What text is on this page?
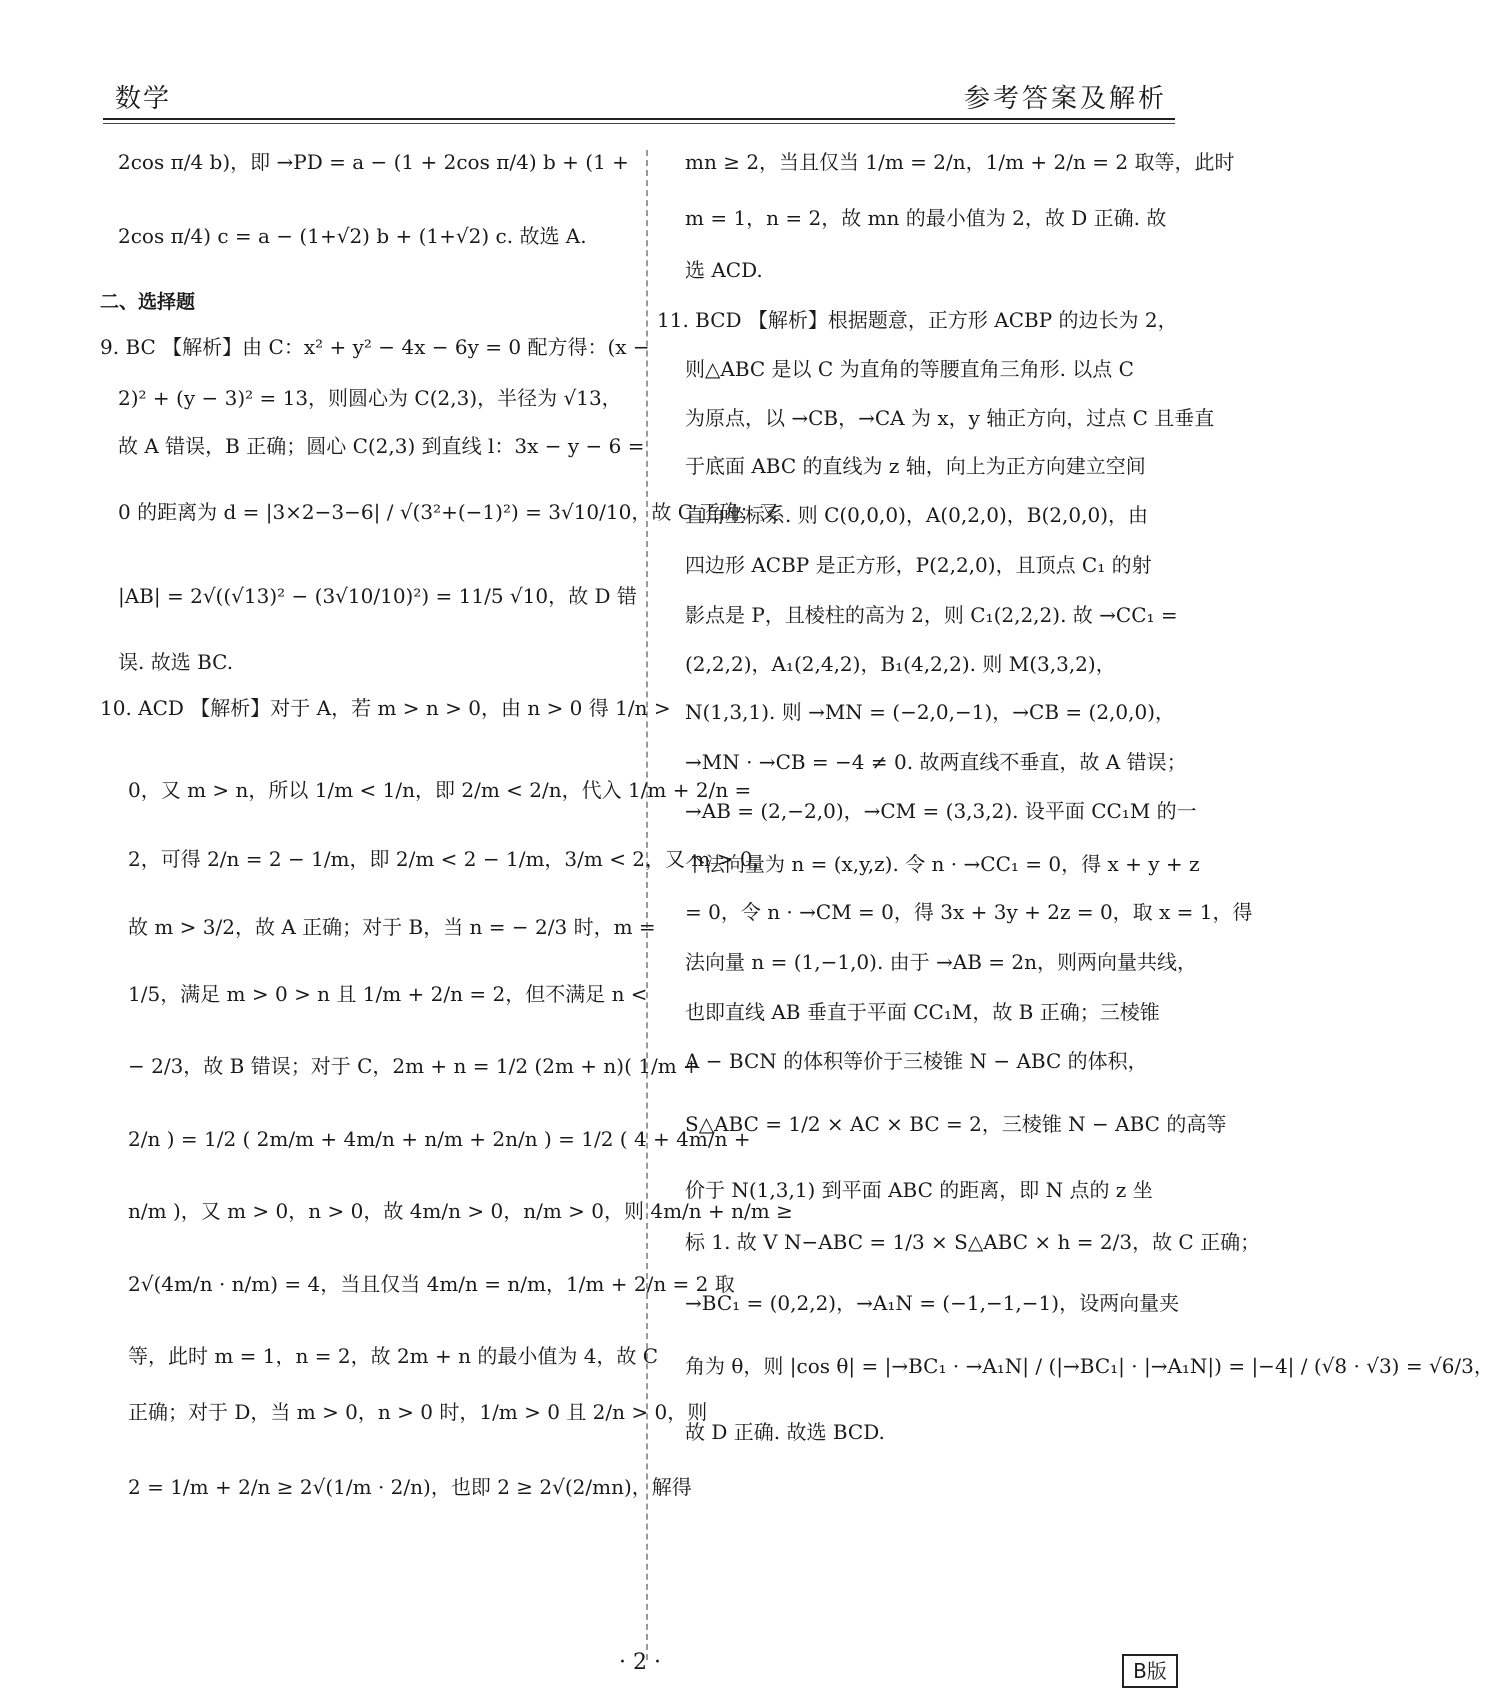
数学	参考答案及解析
2cos π/4 b)，即 →PD = a − (1 + 2cos π/4) b + (1 +
2cos π/4) c = a − (1+√2) b + (1+√2) c. 故选 A.
二、选择题
9. BC 【解析】由 C：x² + y² − 4x − 6y = 0 配方得：(x −
2)² + (y − 3)² = 13，则圆心为 C(2,3)，半径为 √13，
故 A 错误，B 正确；圆心 C(2,3) 到直线 l：3x − y − 6 =
0 的距离为 d = |3×2−3−6| / √(3²+(−1)²) = 3√10/10，故 C 正确；又
|AB| = 2√((√13)² − (3√10/10)²) = 11/5 √10，故 D 错
误. 故选 BC.
10. ACD 【解析】对于 A，若 m > n > 0，由 n > 0 得 1/n >
0，又 m > n，所以 1/m < 1/n，即 2/m < 2/n，代入 1/m + 2/n =
2，可得 2/n = 2 − 1/m，即 2/m < 2 − 1/m，3/m < 2，又 m > 0，
故 m > 3/2，故 A 正确；对于 B，当 n = − 2/3 时，m =
1/5，满足 m > 0 > n 且 1/m + 2/n = 2，但不满足 n <
− 2/3，故 B 错误；对于 C，2m + n = 1/2 (2m + n)( 1/m +
2/n ) = 1/2 ( 2m/m + 4m/n + n/m + 2n/n ) = 1/2 ( 4 + 4m/n +
n/m )，又 m > 0，n > 0，故 4m/n > 0，n/m > 0，则 4m/n + n/m ≥
2√(4m/n · n/m) = 4，当且仅当 4m/n = n/m，1/m + 2/n = 2 取
等，此时 m = 1，n = 2，故 2m + n 的最小值为 4，故 C
正确；对于 D，当 m > 0，n > 0 时，1/m > 0 且 2/n > 0，则
2 = 1/m + 2/n ≥ 2√(1/m · 2/n)，也即 2 ≥ 2√(2/mn)，解得
mn ≥ 2，当且仅当 1/m = 2/n，1/m + 2/n = 2 取等，此时
m = 1，n = 2，故 mn 的最小值为 2，故 D 正确. 故
选 ACD.
11. BCD 【解析】根据题意，正方形 ACBP 的边长为 2，
则△ABC 是以 C 为直角的等腰直角三角形. 以点 C
为原点，以 →CB，→CA 为 x，y 轴正方向，过点 C 且垂直
于底面 ABC 的直线为 z 轴，向上为正方向建立空间
直角坐标系. 则 C(0,0,0)，A(0,2,0)，B(2,0,0)，由
四边形 ACBP 是正方形，P(2,2,0)，且顶点 C₁ 的射
影点是 P，且棱柱的高为 2，则 C₁(2,2,2). 故 →CC₁ =
(2,2,2)，A₁(2,4,2)，B₁(4,2,2). 则 M(3,3,2)，
N(1,3,1). 则 →MN = (−2,0,−1)，→CB = (2,0,0)，
→MN · →CB = −4 ≠ 0. 故两直线不垂直，故 A 错误；
→AB = (2,−2,0)，→CM = (3,3,2). 设平面 CC₁M 的一
个法向量为 n = (x,y,z). 令 n · →CC₁ = 0，得 x + y + z
= 0，令 n · →CM = 0，得 3x + 3y + 2z = 0，取 x = 1，得
法向量 n = (1,−1,0). 由于 →AB = 2n，则两向量共线，
也即直线 AB 垂直于平面 CC₁M，故 B 正确；三棱锥
A − BCN 的体积等价于三棱锥 N − ABC 的体积，
S△ABC = 1/2 × AC × BC = 2，三棱锥 N − ABC 的高等
价于 N(1,3,1) 到平面 ABC 的距离，即 N 点的 z 坐
标 1. 故 V N−ABC = 1/3 × S△ABC × h = 2/3，故 C 正确；
→BC₁ = (0,2,2)，→A₁N = (−1,−1,−1)，设两向量夹
角为 θ，则 |cos θ| = |→BC₁ · →A₁N| / (|→BC₁| · |→A₁N|) = |−4| / (√8 · √3) = √6/3，
故 D 正确. 故选 BCD.
· 2 ·	B版
